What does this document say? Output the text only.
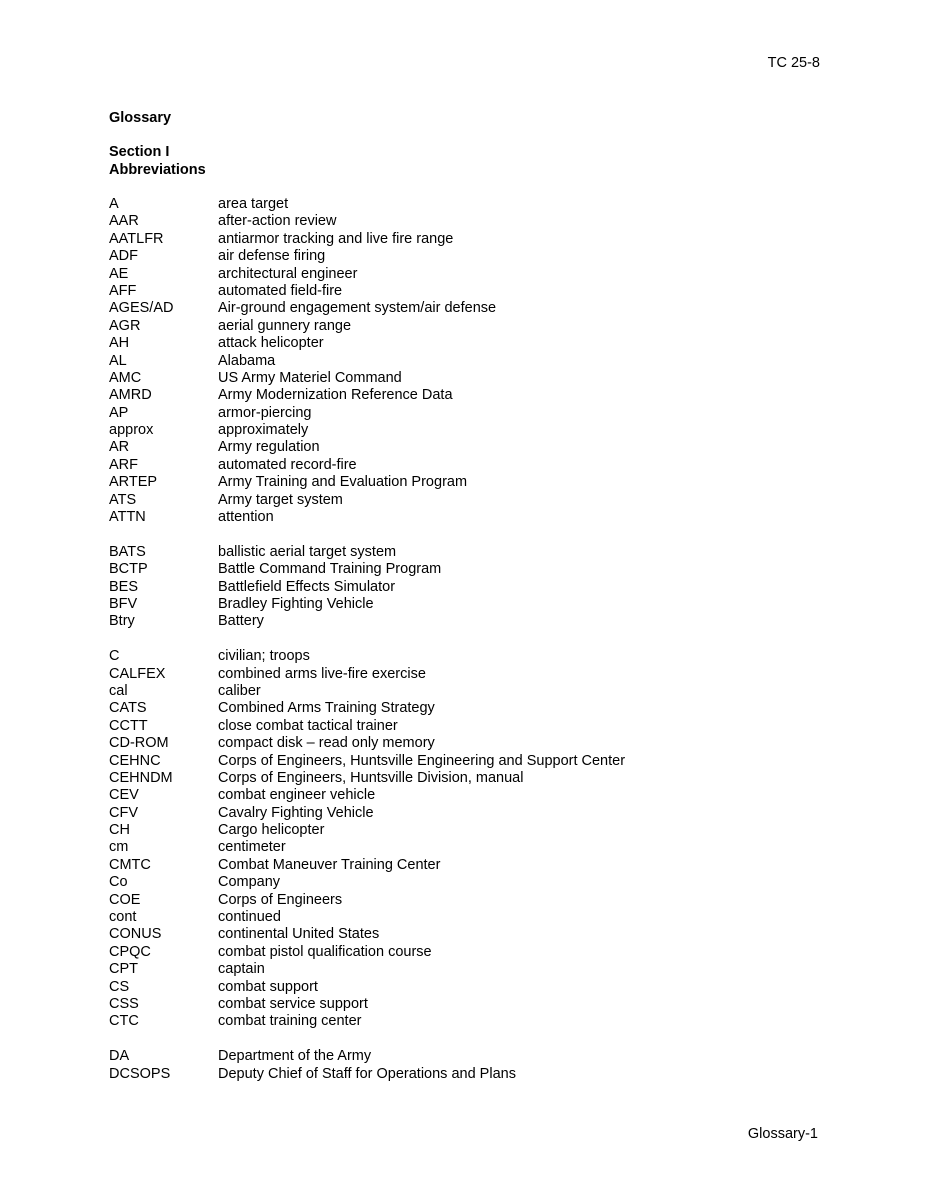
TC 25-8
Glossary
Section I
Abbreviations
A	area target
AAR	after-action review
AATLFR	antiarmor tracking and live fire range
ADF	air defense firing
AE	architectural engineer
AFF	automated field-fire
AGES/AD	Air-ground engagement system/air defense
AGR	aerial gunnery range
AH	attack helicopter
AL	Alabama
AMC	US Army Materiel Command
AMRD	Army Modernization Reference Data
AP	armor-piercing
approx	approximately
AR	Army regulation
ARF	automated record-fire
ARTEP	Army Training and Evaluation Program
ATS	Army target system
ATTN	attention
BATS	ballistic aerial target system
BCTP	Battle Command Training Program
BES	Battlefield Effects Simulator
BFV	Bradley Fighting Vehicle
Btry	Battery
C	civilian; troops
CALFEX	combined arms live-fire exercise
cal	caliber
CATS	Combined Arms Training Strategy
CCTT	close combat tactical trainer
CD-ROM	compact disk – read only memory
CEHNC	Corps of Engineers, Huntsville Engineering and Support Center
CEHNDM	Corps of Engineers, Huntsville Division, manual
CEV	combat engineer vehicle
CFV	Cavalry Fighting Vehicle
CH	Cargo helicopter
cm	centimeter
CMTC	Combat Maneuver Training Center
Co	Company
COE	Corps of Engineers
cont	continued
CONUS	continental United States
CPQC	combat pistol qualification course
CPT	captain
CS	combat support
CSS	combat service support
CTC	combat training center
DA	Department of the Army
DCSOPS	Deputy Chief of Staff for Operations and Plans
Glossary-1
